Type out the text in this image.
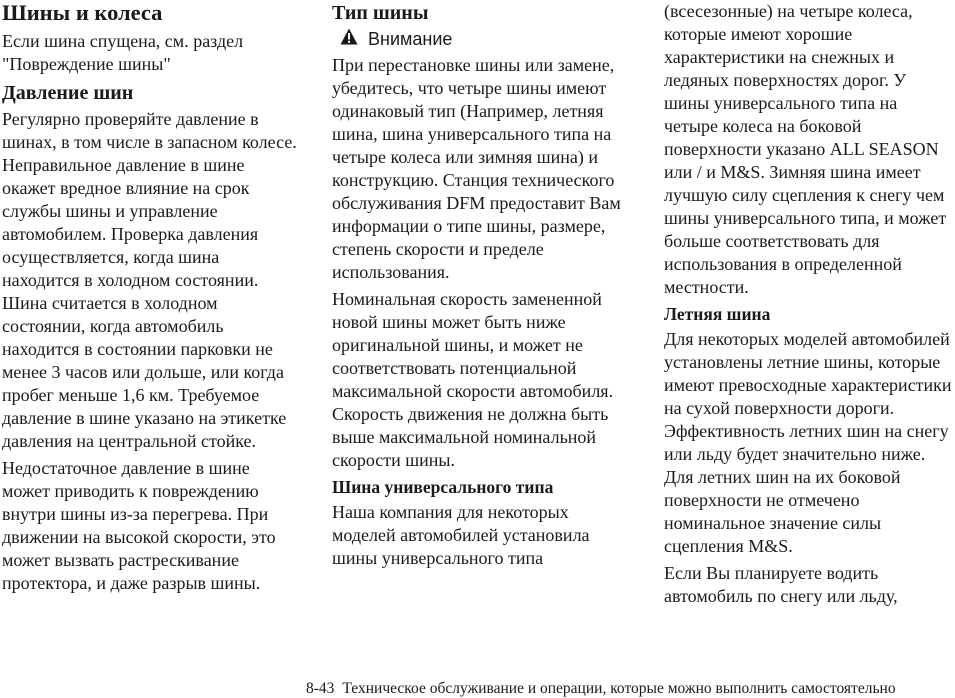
Шины и колеса

Если шина спущена, см. раздел "Повреждение шины"

Давление шин

Регулярно проверяйте давление в шинах, в том числе в запасном колесе. Неправильное давление в шине окажет вредное влияние на срок службы шины и управление автомобилем. Проверка давления осуществляется, когда шина находится в холодном состоянии. Шина считается в холодном состоянии, когда автомобиль находится в состоянии парковки не менее 3 часов или дольше, или когда пробег меньше 1,6 км. Требуемое давление в шине указано на этикетке давления на центральной стойке.

Недостаточное давление в шине может приводить к повреждению внутри шины из-за перегрева. При движении на высокой скорости, это может вызвать растрескивание протектора, и даже разрыв шины.

Тип шины
Внимание

При перестановке шины или замене, убедитесь, что четыре шины имеют одинаковый тип (Например, летняя шина, шина универсального типа на четыре колеса или зимняя шина) и конструкцию. Станция технического обслуживания DFM предоставит Вам информации о типе шины, размере, степень скорости и пределе использования.

Номинальная скорость замененной новой шины может быть ниже оригинальной шины, и может не соответствовать потенциальной максимальной скорости автомобиля. Скорость движения не должна быть выше максимальной номинальной скорости шины.

Шина универсального типа

Наша компания для некоторых моделей автомобилей установила шины универсального типа

(всесезонные) на четыре колеса, которые имеют хорошие характеристики на снежных и ледяных поверхностях дорог. У шины универсального типа на четыре колеса на боковой поверхности указано ALL SEASON или / и M&S. Зимняя шина имеет лучшую силу сцепления к снегу чем шины универсального типа, и может больше соответствовать для использования в определенной местности.

Летняя шина

Для некоторых моделей автомобилей установлены летние шины, которые имеют превосходные характеристики на сухой поверхности дороги. Эффективность летних шин на снегу или льду будет значительно ниже. Для летних шин на их боковой поверхности не отмечено номинальное значение силы сцепления M&S.

Если Вы планируете водить автомобиль по снегу или льду,

8-43 Техническое обслуживание и операции, которые можно выполнить самостоятельно
